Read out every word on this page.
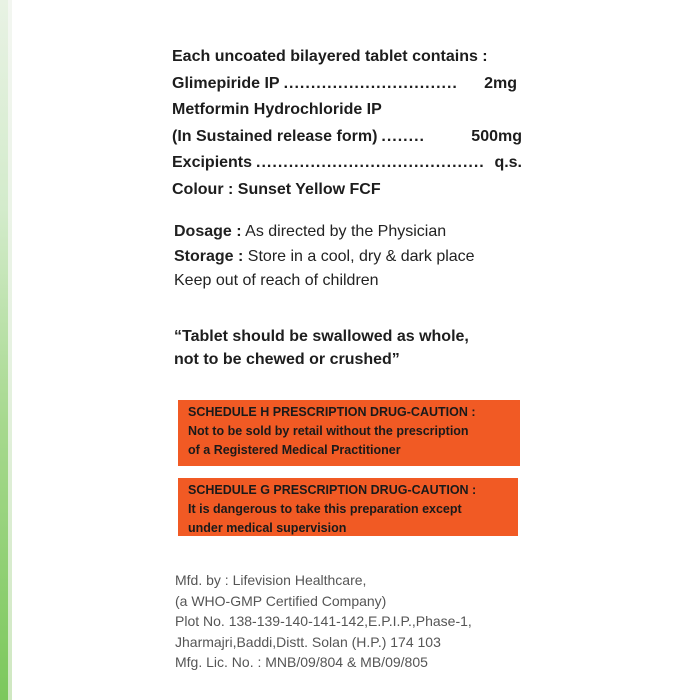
Each uncoated bilayered tablet contains :
Glimepiride IP ................................	2mg
Metformin Hydrochloride IP
(In Sustained release form) ........	500mg
Excipients .......................................... q.s.
Colour : Sunset Yellow FCF
Dosage : As directed by the Physician
Storage : Store in a cool, dry & dark place
Keep out of reach of children
“Tablet should be swallowed as whole,
not to be chewed or crushed”
SCHEDULE H PRESCRIPTION DRUG-CAUTION :
Not to be sold by retail without the prescription
of a Registered Medical Practitioner
SCHEDULE G PRESCRIPTION DRUG-CAUTION :
It is dangerous to take this preparation except
under medical supervision
Mfd. by : Lifevision Healthcare,
(a WHO-GMP Certified Company)
Plot No. 138-139-140-141-142,E.P.I.P.,Phase-1,
Jharmajri,Baddi,Distt. Solan (H.P.) 174 103
Mfg. Lic. No. : MNB/09/804 & MB/09/805
